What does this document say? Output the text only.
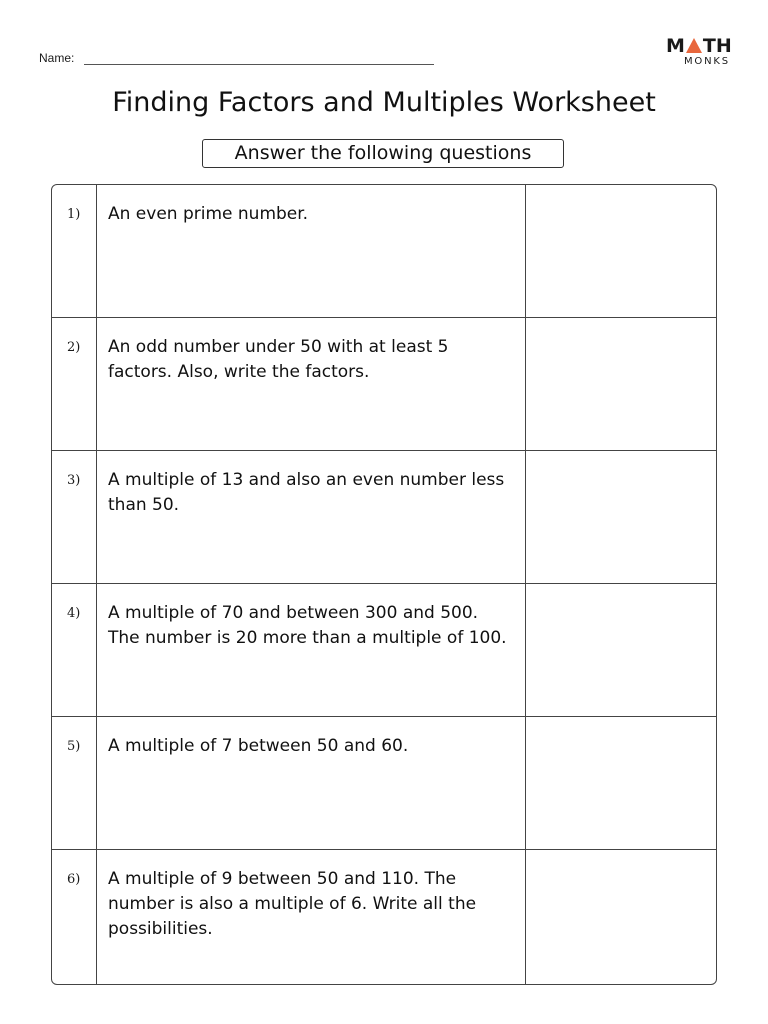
Name:
M TH
MONKS
Finding Factors and Multiples Worksheet
Answer the following questions
1)	An even prime number.
2)	An odd number under 50 with at least 5 factors. Also, write the factors.
3)	A multiple of 13 and also an even number less than 50.
4)	A multiple of 70 and between 300 and 500. The number is 20 more than a multiple of 100.
5)	A multiple of 7 between 50 and 60.
6)	A multiple of 9 between 50 and 110. The number is also a multiple of 6. Write all the possibilities.
